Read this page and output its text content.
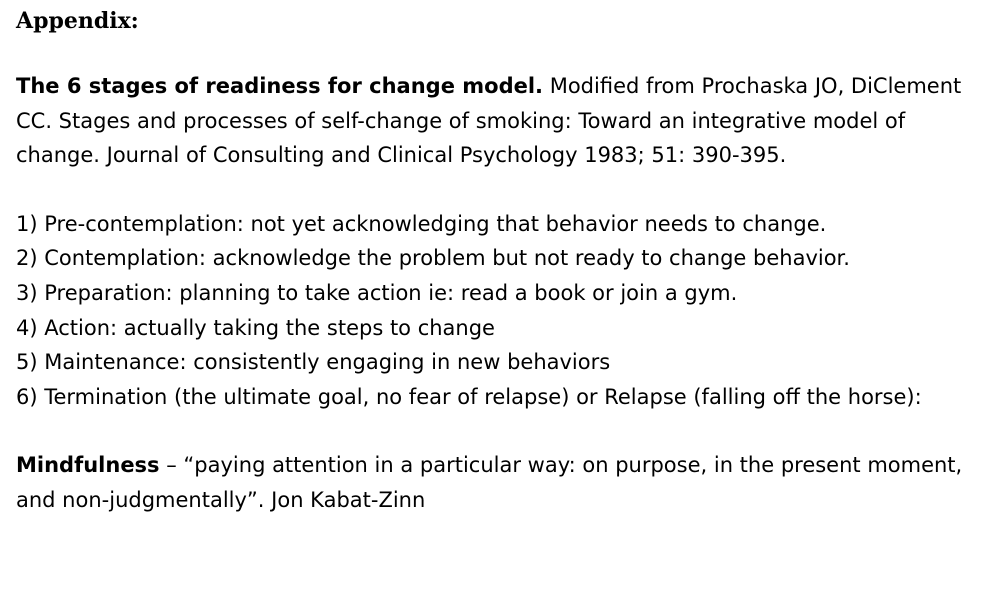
Appendix:

The 6 stages of readiness for change model. Modified from Prochaska JO, DiClement CC. Stages and processes of self-change of smoking: Toward an integrative model of change. Journal of Consulting and Clinical Psychology 1983; 51: 390-395.

1) Pre-contemplation: not yet acknowledging that behavior needs to change.
2) Contemplation: acknowledge the problem but not ready to change behavior.
3) Preparation: planning to take action ie: read a book or join a gym.
4) Action: actually taking the steps to change
5) Maintenance: consistently engaging in new behaviors
6) Termination (the ultimate goal, no fear of relapse) or Relapse (falling off the horse):

Mindfulness – “paying attention in a particular way: on purpose, in the present moment, and non-judgmentally”. Jon Kabat-Zinn
